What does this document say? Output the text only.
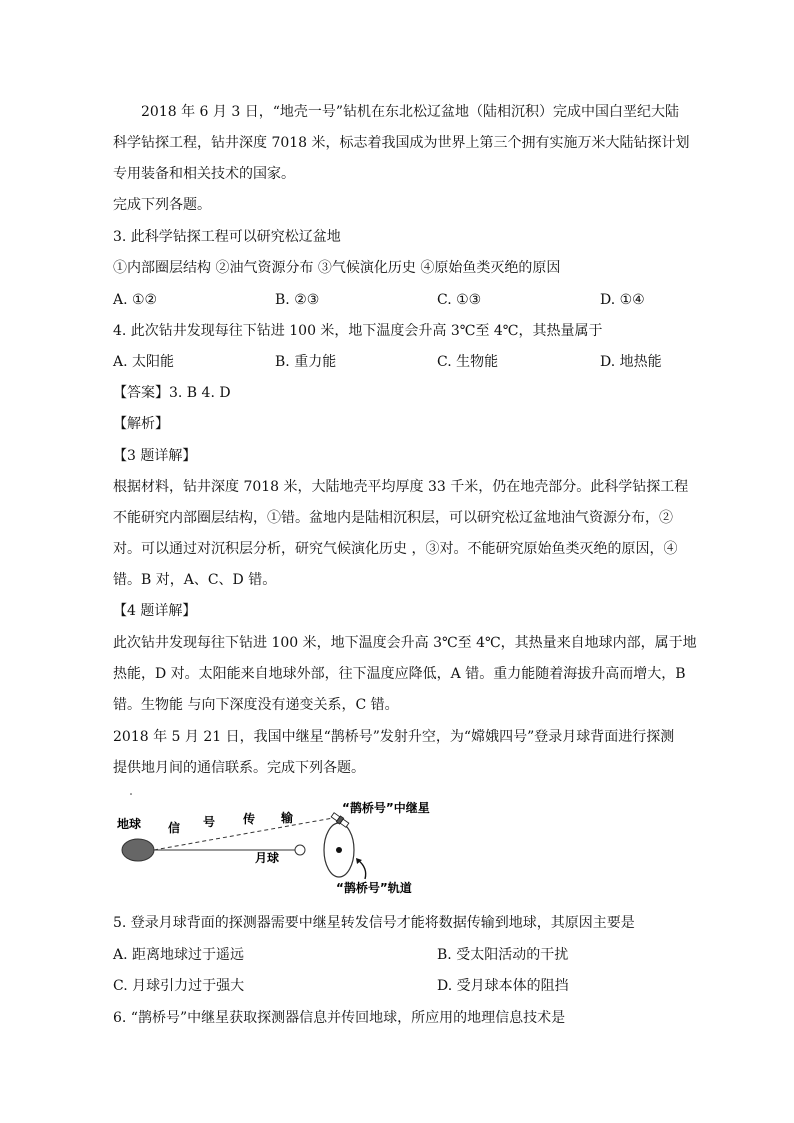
2018 年 6 月 3 日，“地壳一号”钻机在东北松辽盆地（陆相沉积）完成中国白垩纪大陆
科学钻探工程，钻井深度 7018 米，标志着我国成为世界上第三个拥有实施万米大陆钻探计划
专用装备和相关技术的国家。
完成下列各题。
3. 此科学钻探工程可以研究松辽盆地
①内部圈层结构 ②油气资源分布 ③气候演化历史 ④原始鱼类灭绝的原因
A. ①②	B. ②③	C. ①③	D. ①④
4. 此次钻井发现每往下钻进 100 米，地下温度会升高 3℃至 4℃，其热量属于
A. 太阳能	B. 重力能	C. 生物能	D. 地热能
【答案】3. B 4. D
【解析】
【3 题详解】
根据材料，钻井深度 7018 米，大陆地壳平均厚度 33 千米，仍在地壳部分。此科学钻探工程
不能研究内部圈层结构，①错。盆地内是陆相沉积层，可以研究松辽盆地油气资源分布，②
对。可以通过对沉积层分析，研究气候演化历史 ，③对。不能研究原始鱼类灭绝的原因，④
错。B 对，A、C、D 错。
【4 题详解】
此次钻井发现每往下钻进 100 米，地下温度会升高 3℃至 4℃，其热量来自地球内部，属于地
热能，D 对。太阳能来自地球外部，往下温度应降低，A 错。重力能随着海拔升高而增大，B
错。生物能 与向下深度没有递变关系，C 错。
2018 年 5 月 21 日，我国中继星“鹊桥号”发射升空，为“嫦娥四号”登录月球背面进行探测
提供地月间的通信联系。完成下列各题。
地球 信 号 传 输
月球
“鹊桥号”中继星
“鹊桥号”轨道
5. 登录月球背面的探测器需要中继星转发信号才能将数据传输到地球，其原因主要是
A. 距离地球过于遥远	B. 受太阳活动的干扰
C. 月球引力过于强大	D. 受月球本体的阻挡
6. “鹊桥号”中继星获取探测器信息并传回地球，所应用的地理信息技术是
